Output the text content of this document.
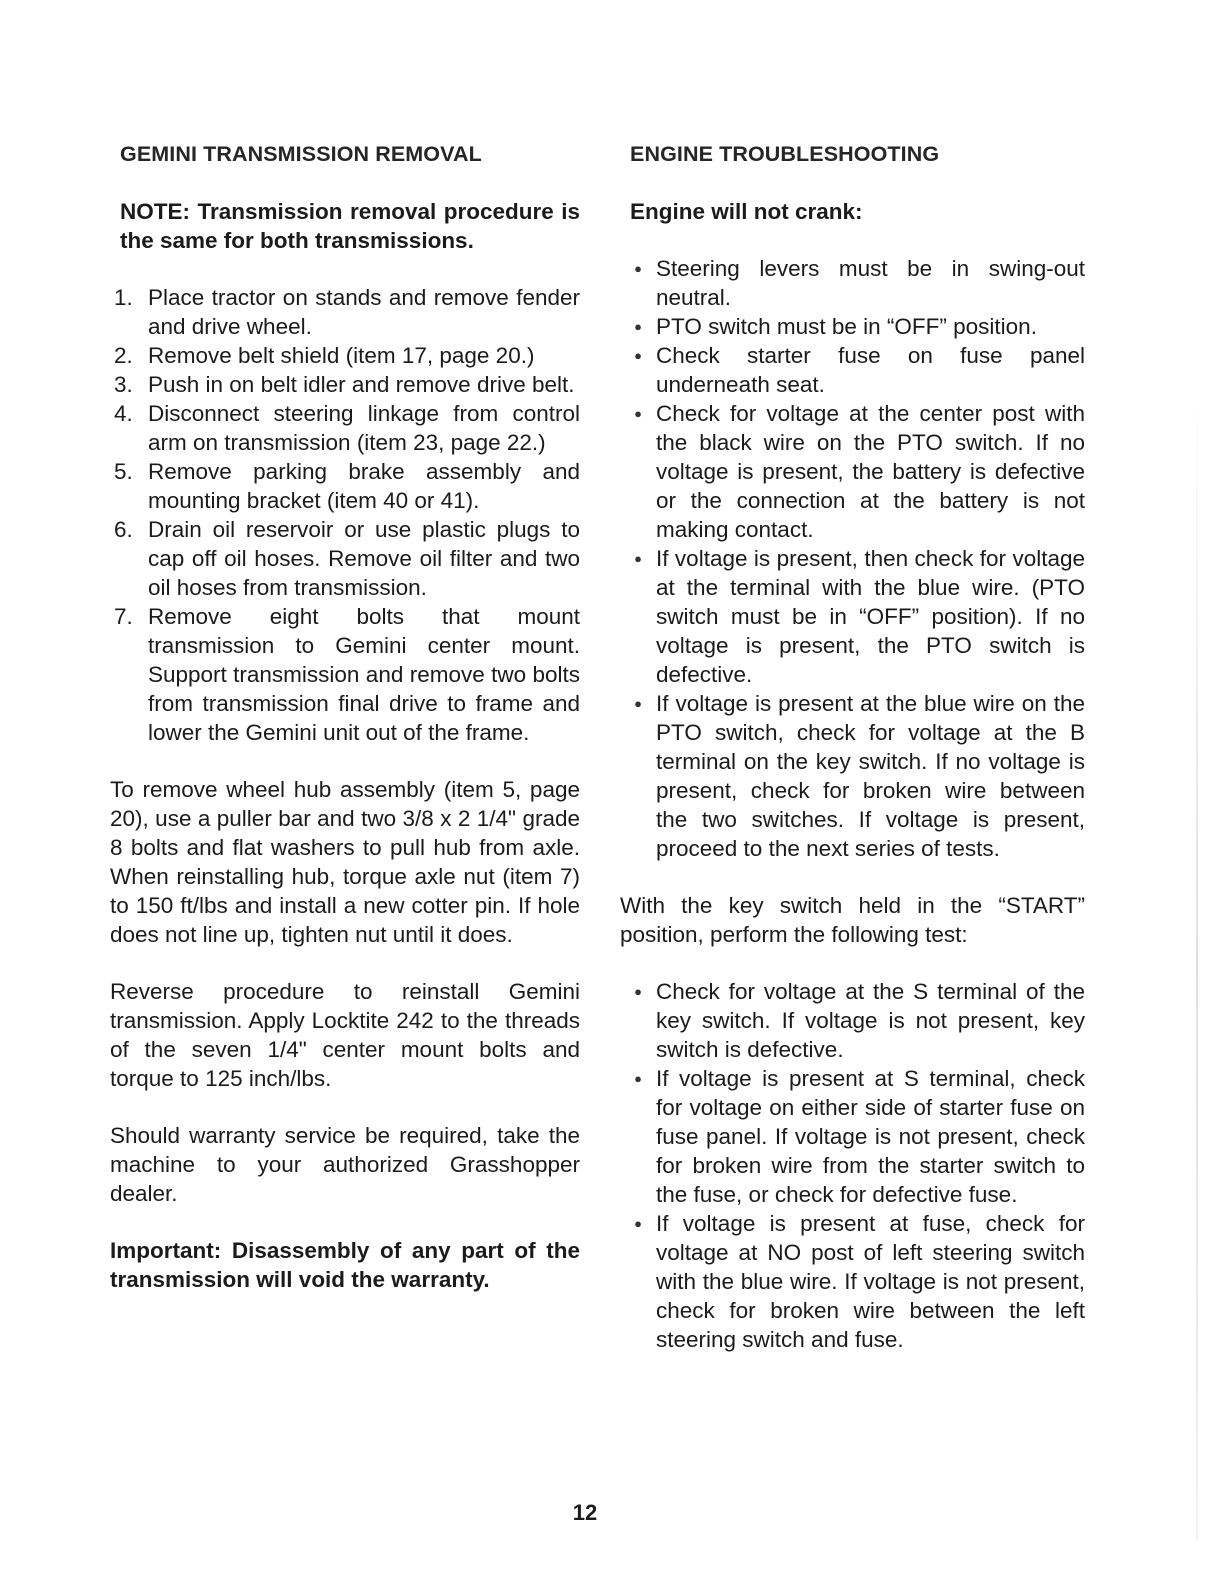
GEMINI TRANSMISSION REMOVAL

NOTE: Transmission removal procedure is the same for both transmissions.

1. Place tractor on stands and remove fender and drive wheel.
2. Remove belt shield (item 17, page 20.)
3. Push in on belt idler and remove drive belt.
4. Disconnect steering linkage from control arm on transmission (item 23, page 22.)
5. Remove parking brake assembly and mounting bracket (item 40 or 41).
6. Drain oil reservoir or use plastic plugs to cap off oil hoses. Remove oil filter and two oil hoses from transmission.
7. Remove eight bolts that mount transmission to Gemini center mount. Support transmission and remove two bolts from transmission final drive to frame and lower the Gemini unit out of the frame.

To remove wheel hub assembly (item 5, page 20), use a puller bar and two 3/8 x 2 1/4" grade 8 bolts and flat washers to pull hub from axle. When reinstalling hub, torque axle nut (item 7) to 150 ft/lbs and install a new cotter pin. If hole does not line up, tighten nut until it does.

Reverse procedure to reinstall Gemini transmission. Apply Locktite 242 to the threads of the seven 1/4" center mount bolts and torque to 125 inch/lbs.

Should warranty service be required, take the machine to your authorized Grasshopper dealer.

Important: Disassembly of any part of the transmission will void the warranty.

ENGINE TROUBLESHOOTING

Engine will not crank:

● Steering levers must be in swing-out neutral.
● PTO switch must be in “OFF” position.
● Check starter fuse on fuse panel underneath seat.
● Check for voltage at the center post with the black wire on the PTO switch. If no voltage is present, the battery is defective or the connection at the battery is not making contact.
● If voltage is present, then check for voltage at the terminal with the blue wire. (PTO switch must be in “OFF” position). If no voltage is present, the PTO switch is defective.
● If voltage is present at the blue wire on the PTO switch, check for voltage at the B terminal on the key switch. If no voltage is present, check for broken wire between the two switches. If voltage is present, proceed to the next series of tests.

With the key switch held in the “START” position, perform the following test:

● Check for voltage at the S terminal of the key switch. If voltage is not present, key switch is defective.
● If voltage is present at S terminal, check for voltage on either side of starter fuse on fuse panel. If voltage is not present, check for broken wire from the starter switch to the fuse, or check for defective fuse.
● If voltage is present at fuse, check for voltage at NO post of left steering switch with the blue wire. If voltage is not present, check for broken wire between the left steering switch and fuse.
12
